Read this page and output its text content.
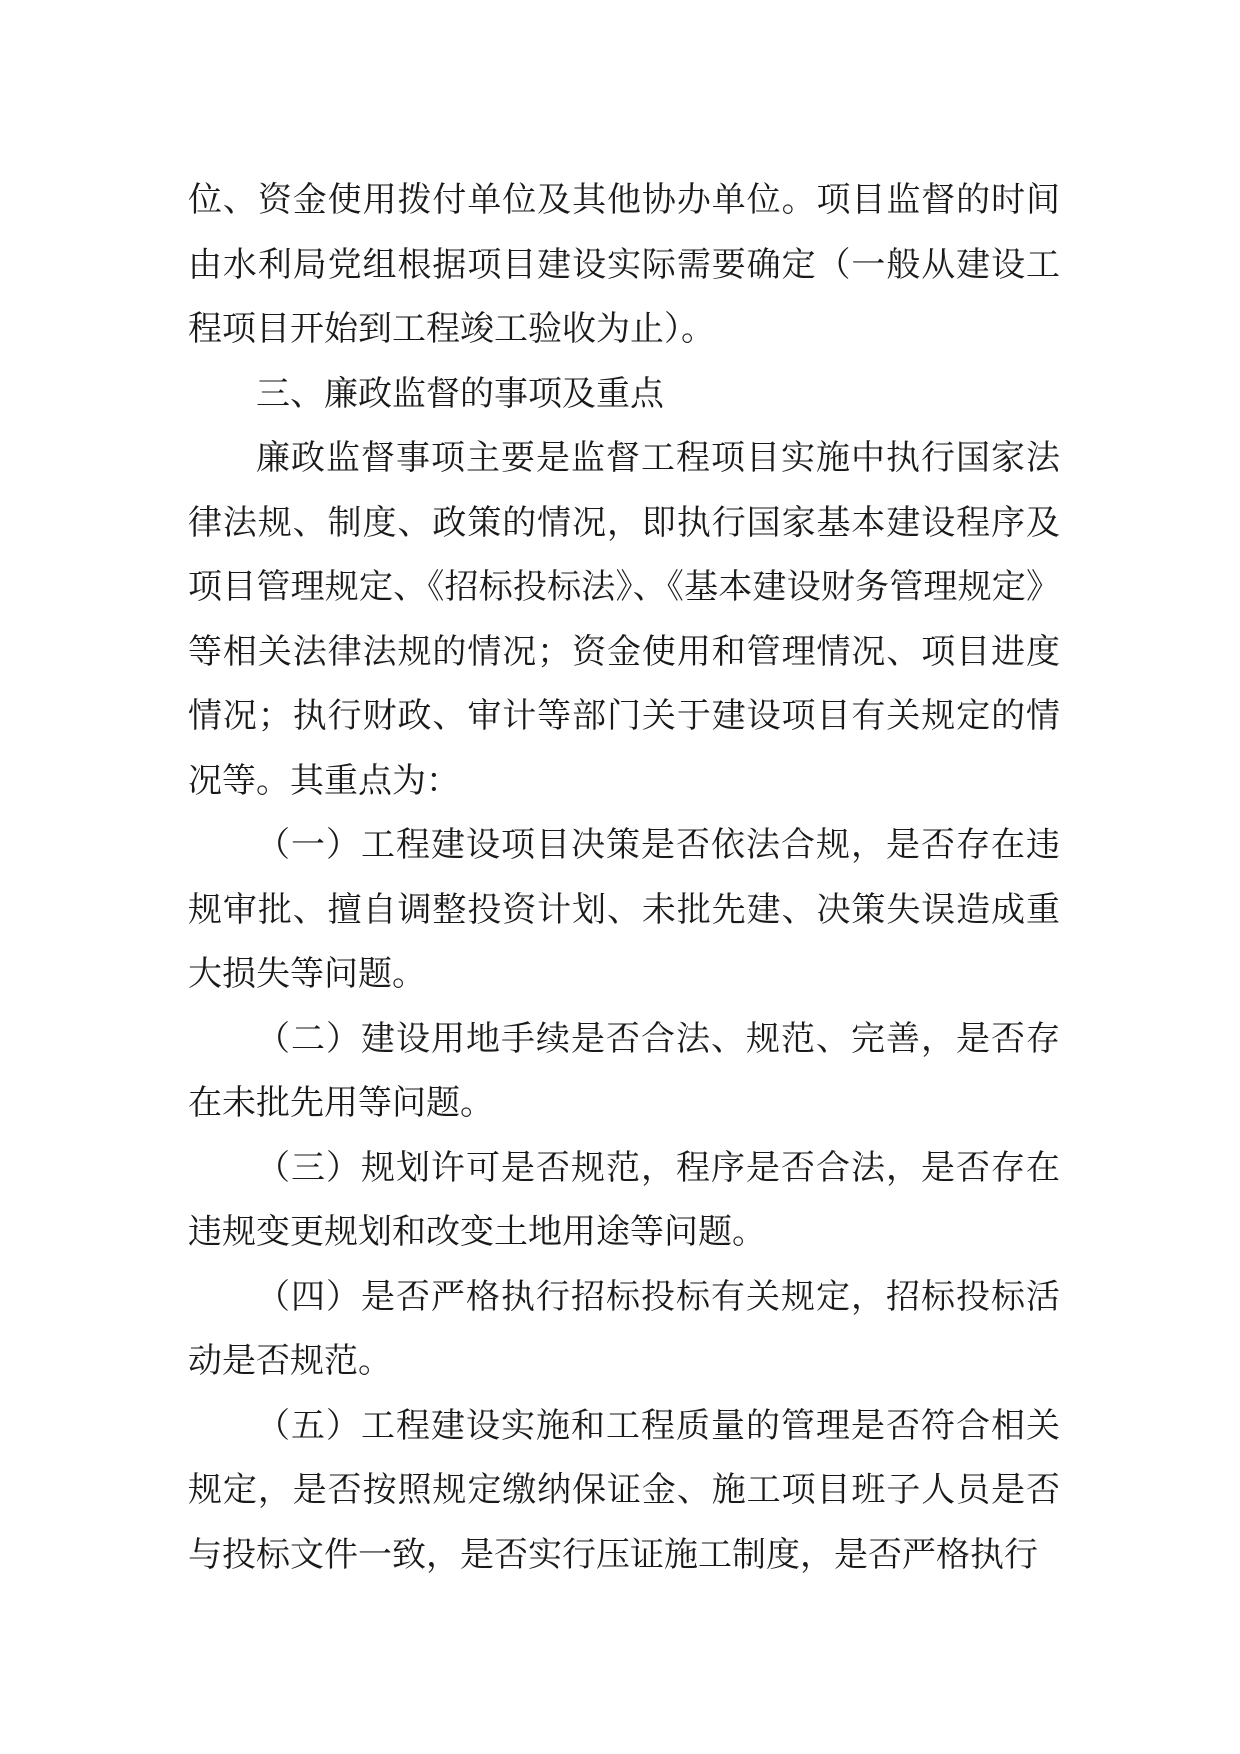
位、资金使用拨付单位及其他协办单位。项目监督的时间由水利局党组根据项目建设实际需要确定（一般从建设工程项目开始到工程竣工验收为止）。

三、廉政监督的事项及重点

廉政监督事项主要是监督工程项目实施中执行国家法律法规、制度、政策的情况，即执行国家基本建设程序及项目管理规定、《招标投标法》、《基本建设财务管理规定》等相关法律法规的情况；资金使用和管理情况、项目进度情况；执行财政、审计等部门关于建设项目有关规定的情况等。其重点为：

（一）工程建设项目决策是否依法合规，是否存在违规审批、擅自调整投资计划、未批先建、决策失误造成重大损失等问题。

（二）建设用地手续是否合法、规范、完善，是否存在未批先用等问题。

（三）规划许可是否规范，程序是否合法，是否存在违规变更规划和改变土地用途等问题。

（四）是否严格执行招标投标有关规定，招标投标活动是否规范。

（五）工程建设实施和工程质量的管理是否符合相关规定，是否按照规定缴纳保证金、施工项目班子人员是否与投标文件一致，是否实行压证施工制度，是否严格执行
